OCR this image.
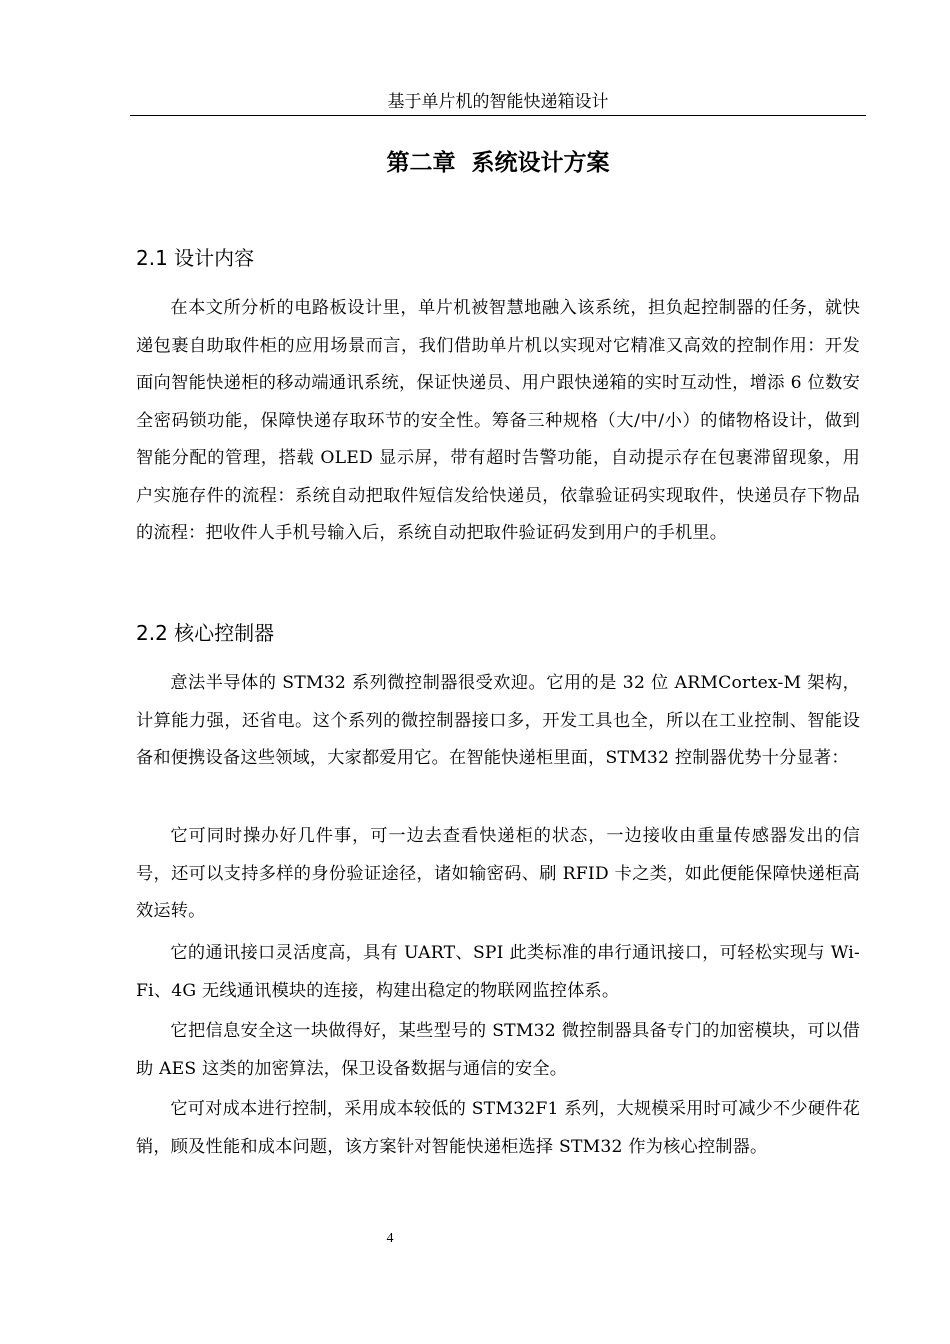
基于单片机的智能快递箱设计
第二章  系统设计方案
2.1 设计内容

在本文所分析的电路板设计里，单片机被智慧地融入该系统，担负起控制器的任务，就快递包裹自助取件柜的应用场景而言，我们借助单片机以实现对它精准又高效的控制作用：开发面向智能快递柜的移动端通讯系统，保证快递员、用户跟快递箱的实时互动性，增添 6 位数安全密码锁功能，保障快递存取环节的安全性。筹备三种规格（大/中/小）的储物格设计，做到智能分配的管理，搭载 OLED 显示屏，带有超时告警功能，自动提示存在包裹滞留现象，用户实施存件的流程：系统自动把取件短信发给快递员，依靠验证码实现取件，快递员存下物品的流程：把收件人手机号输入后，系统自动把取件验证码发到用户的手机里。

2.2 核心控制器

意法半导体的 STM32 系列微控制器很受欢迎。它用的是 32 位 ARMCortex-M 架构，计算能力强，还省电。这个系列的微控制器接口多，开发工具也全，所以在工业控制、智能设备和便携设备这些领域，大家都爱用它。在智能快递柜里面，STM32 控制器优势十分显著：

它可同时操办好几件事，可一边去查看快递柜的状态，一边接收由重量传感器发出的信号，还可以支持多样的身份验证途径，诸如输密码、刷 RFID 卡之类，如此便能保障快递柜高效运转。

它的通讯接口灵活度高，具有 UART、SPI 此类标准的串行通讯接口，可轻松实现与 Wi-Fi、4G 无线通讯模块的连接，构建出稳定的物联网监控体系。

它把信息安全这一块做得好，某些型号的 STM32 微控制器具备专门的加密模块，可以借助 AES 这类的加密算法，保卫设备数据与通信的安全。

它可对成本进行控制，采用成本较低的 STM32F1 系列，大规模采用时可减少不少硬件花销，顾及性能和成本问题，该方案针对智能快递柜选择 STM32 作为核心控制器。

4
